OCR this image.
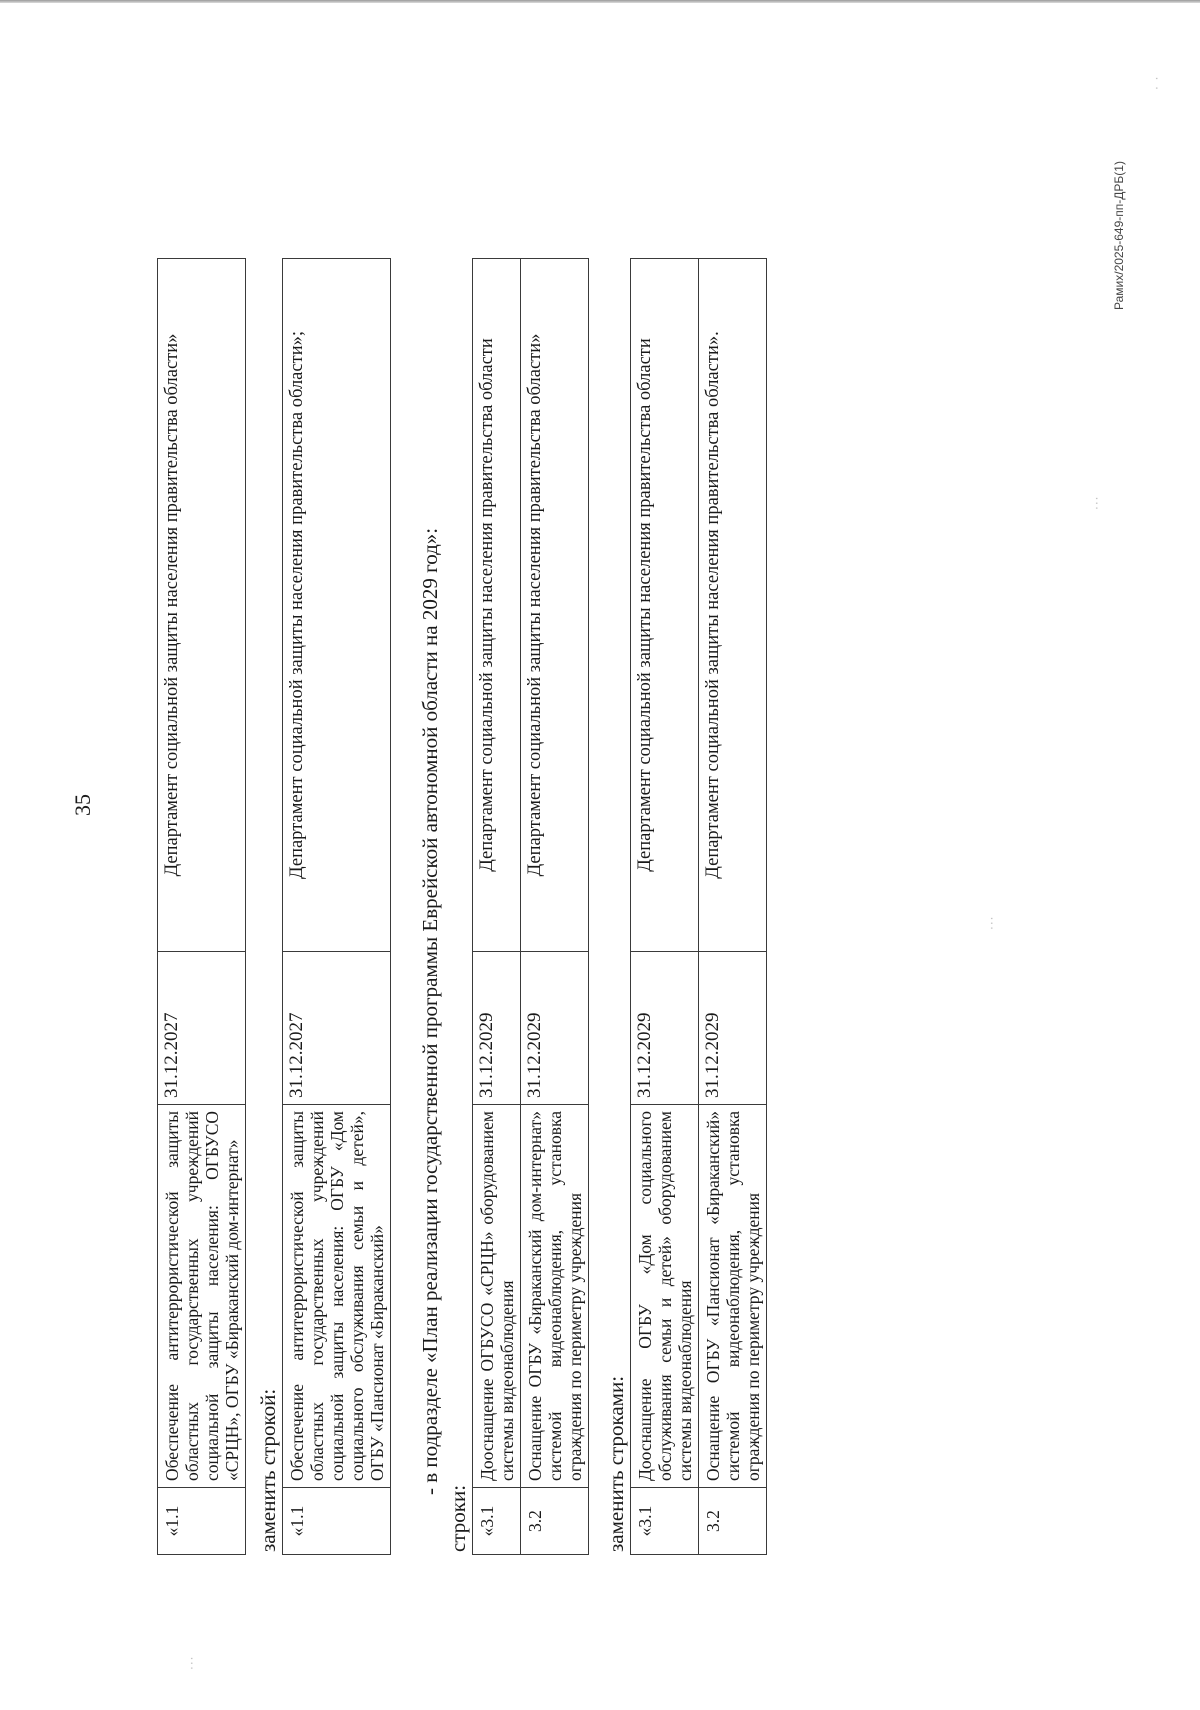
35
«1.1	Обеспечение антитеррористической защиты областных государственных учреждений социальной защиты населения: ОГБУСО «СРЦН», ОГБУ «Бираканский дом-интернат»	31.12.2027	Департамент социальной защиты населения правительства области»
заменить строкой: «1.1	Обеспечение антитеррористической защиты областных государственных учреждений социальной защиты населения: ОГБУ «Дом социального обслуживания семьи и детей», ОГБУ «Пансионат «Бираканский»	31.12.2027	Департамент социальной защиты населения правительства области»;	- в подразделе «План реализации государственной программы Еврейской автономной области на 2029 год»:
строки: «3.1	Дооснащение ОГБУСО «СРЦН» оборудованием системы видеонаблюдения	31.12.2029	Департамент социальной защиты населения правительства области
3.2	Оснащение ОГБУ «Бираканский дом-интернат» системой видеонаблюдения, установка ограждения по периметру учреждения	31.12.2029	Департамент социальной защиты населения правительства области»
заменить строками: «3.1	Дооснащение ОГБУ «Дом социального обслуживания семьи и детей» оборудованием системы видеонаблюдения	31.12.2029	Департамент социальной защиты населения правительства области
3.2	Оснащение ОГБУ «Пансионат «Бираканский» системой видеонаблюдения, установка ограждения по периметру учреждения	31.12.2029	Департамент социальной защиты населения правительства области».
Рамих/2025-649-пп-ДРБ(1)
· ·
···
···
···
